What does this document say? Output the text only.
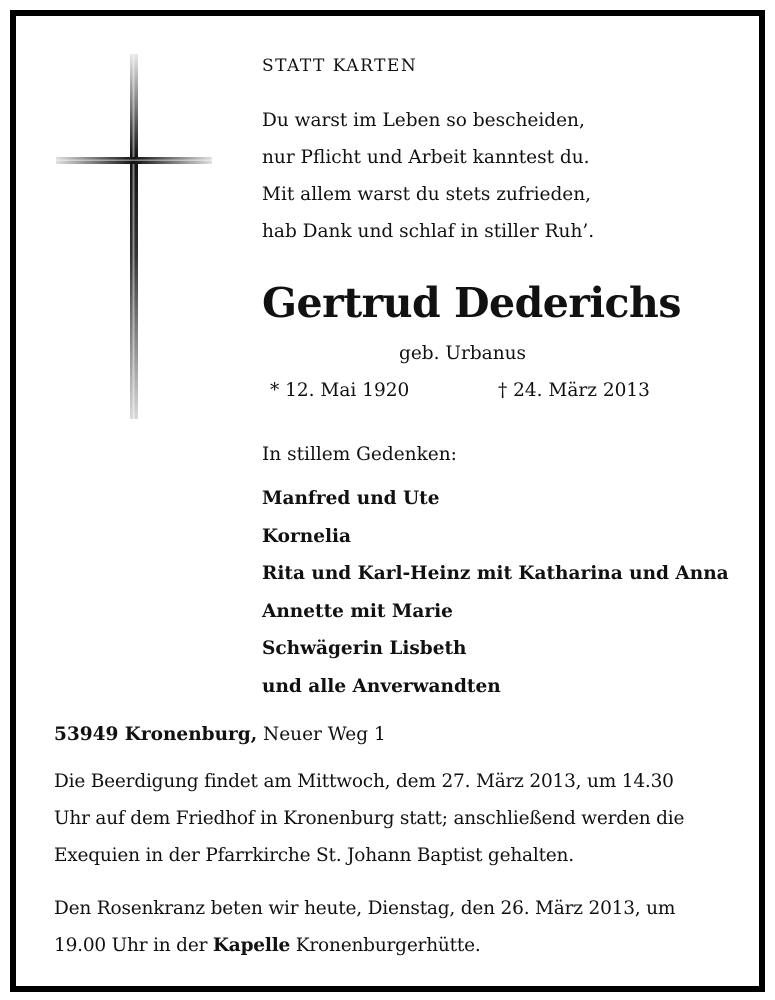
STATT KARTEN
Du warst im Leben so bescheiden,
nur Pflicht und Arbeit kanntest du.
Mit allem warst du stets zufrieden,
hab Dank und schlaf in stiller Ruh’.
Gertrud Dederichs
geb. Urbanus
* 12. Mai 1920	† 24. März 2013
In stillem Gedenken:
Manfred und Ute
Kornelia
Rita und Karl-Heinz mit Katharina und Anna
Annette mit Marie
Schwägerin Lisbeth
und alle Anverwandten
53949 Kronenburg, Neuer Weg 1
Die Beerdigung findet am Mittwoch, dem 27. März 2013, um 14.30
Uhr auf dem Friedhof in Kronenburg statt; anschließend werden die
Exequien in der Pfarrkirche St. Johann Baptist gehalten.
Den Rosenkranz beten wir heute, Dienstag, den 26. März 2013, um
19.00 Uhr in der Kapelle Kronenburgerhütte.
